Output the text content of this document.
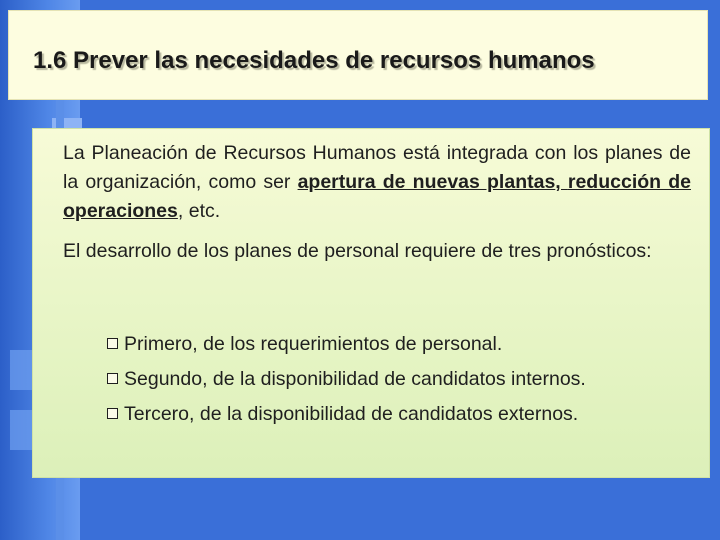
1.6 Prever las necesidades de recursos humanos

La Planeación de Recursos Humanos está integrada con los planes de la organización, como ser apertura de nuevas plantas, reducción de operaciones, etc.

El desarrollo de los planes de personal requiere de tres pronósticos:

Primero, de los requerimientos de personal.
Segundo, de la disponibilidad de candidatos internos.
Tercero, de la disponibilidad de candidatos externos.
